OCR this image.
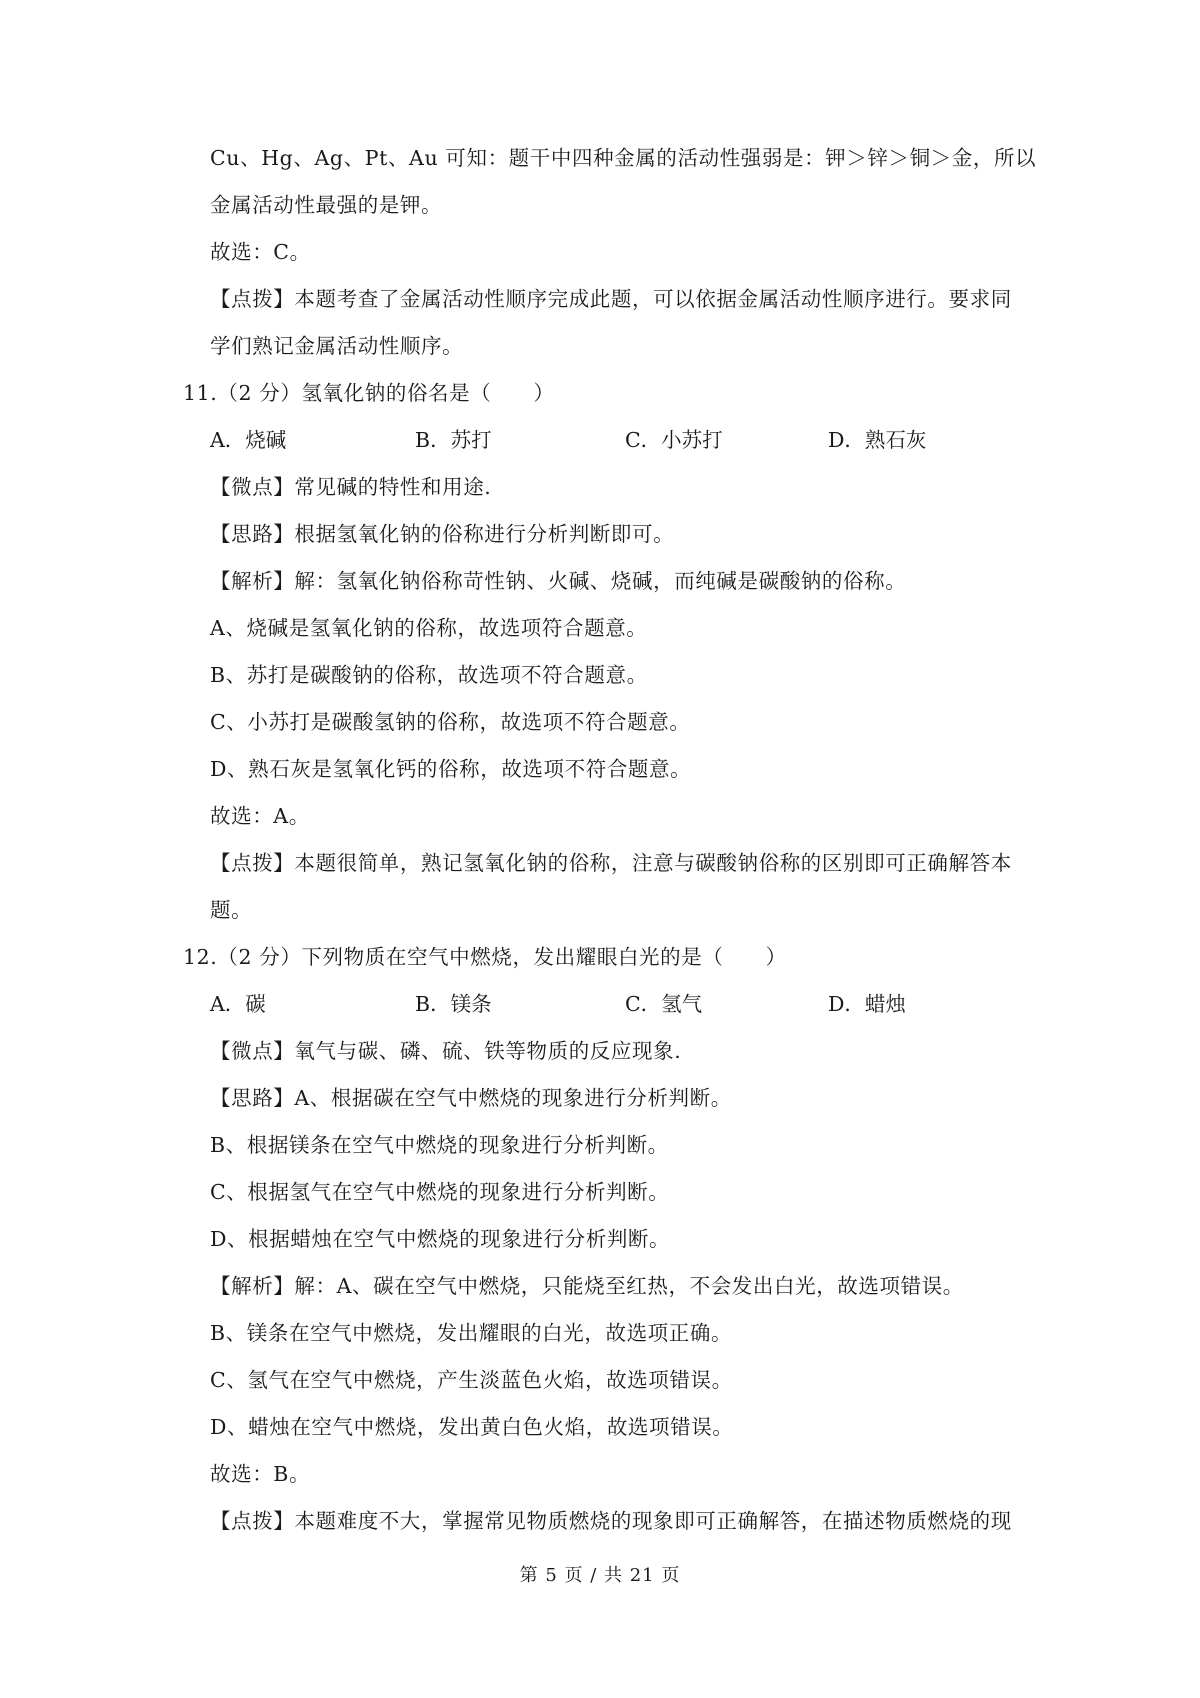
Cu、Hg、Ag、Pt、Au 可知：题干中四种金属的活动性强弱是：钾＞锌＞铜＞金，所以
金属活动性最强的是钾。
故选：C。
【点拨】本题考查了金属活动性顺序完成此题，可以依据金属活动性顺序进行。要求同
学们熟记金属活动性顺序。
11.（2 分）氢氧化钠的俗名是（　　）
A．烧碱	B．苏打	C．小苏打	D．熟石灰
【微点】常见碱的特性和用途.
【思路】根据氢氧化钠的俗称进行分析判断即可。
【解析】解：氢氧化钠俗称苛性钠、火碱、烧碱，而纯碱是碳酸钠的俗称。
A、烧碱是氢氧化钠的俗称，故选项符合题意。
B、苏打是碳酸钠的俗称，故选项不符合题意。
C、小苏打是碳酸氢钠的俗称，故选项不符合题意。
D、熟石灰是氢氧化钙的俗称，故选项不符合题意。
故选：A。
【点拨】本题很简单，熟记氢氧化钠的俗称，注意与碳酸钠俗称的区别即可正确解答本
题。
12.（2 分）下列物质在空气中燃烧，发出耀眼白光的是（　　）
A．碳	B．镁条	C．氢气	D．蜡烛
【微点】氧气与碳、磷、硫、铁等物质的反应现象.
【思路】A、根据碳在空气中燃烧的现象进行分析判断。
B、根据镁条在空气中燃烧的现象进行分析判断。
C、根据氢气在空气中燃烧的现象进行分析判断。
D、根据蜡烛在空气中燃烧的现象进行分析判断。
【解析】解：A、碳在空气中燃烧，只能烧至红热，不会发出白光，故选项错误。
B、镁条在空气中燃烧，发出耀眼的白光，故选项正确。
C、氢气在空气中燃烧，产生淡蓝色火焰，故选项错误。
D、蜡烛在空气中燃烧，发出黄白色火焰，故选项错误。
故选：B。
【点拨】本题难度不大，掌握常见物质燃烧的现象即可正确解答，在描述物质燃烧的现
第 5 页 / 共 21 页
